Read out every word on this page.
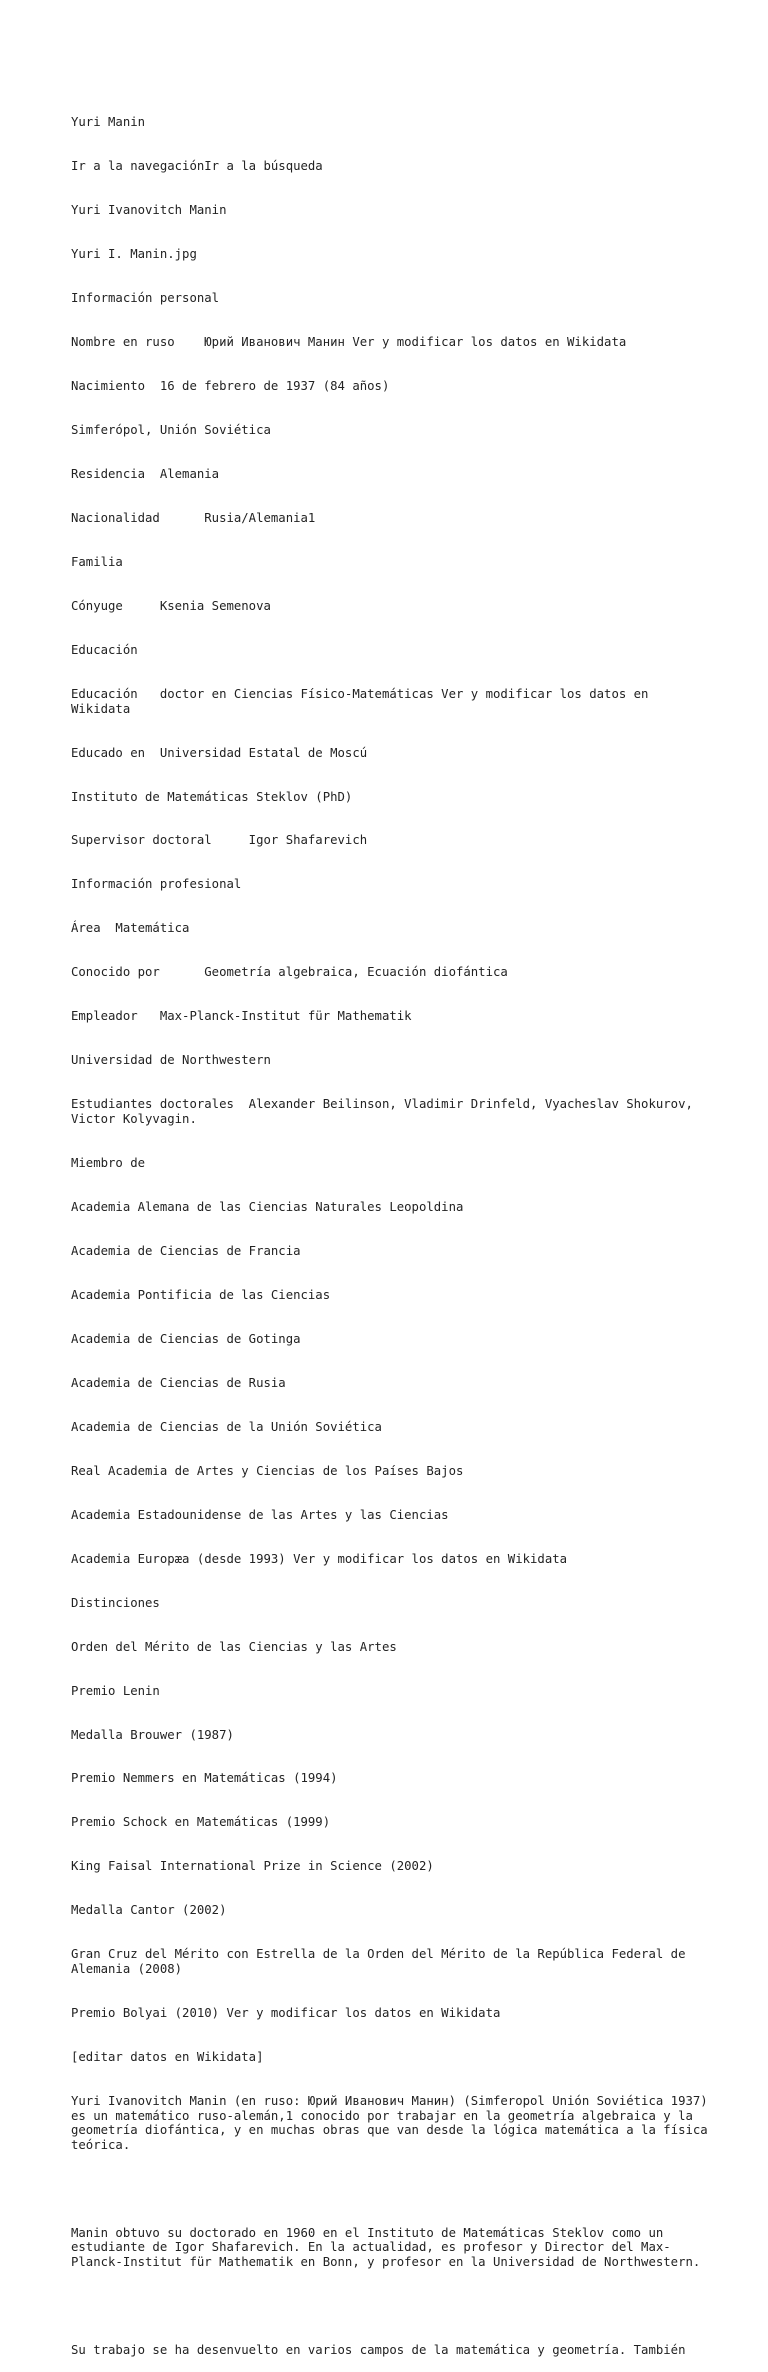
Yuri Manin

Ir a la navegaciónIr a la búsqueda

Yuri Ivanovitch Manin

Yuri I. Manin.jpg

Información personal

Nombre en ruso    Юрий Иванович Манин Ver y modificar los datos en Wikidata

Nacimiento  16 de febrero de 1937 (84 años)

Simferópol, Unión Soviética

Residencia  Alemania

Nacionalidad      Rusia/Alemania1

Familia

Cónyuge     Ksenia Semenova

Educación

Educación   doctor en Ciencias Físico-Matemáticas Ver y modificar los datos en Wikidata

Educado en  Universidad Estatal de Moscú

Instituto de Matemáticas Steklov (PhD)

Supervisor doctoral     Igor Shafarevich

Información profesional

Área  Matemática

Conocido por      Geometría algebraica, Ecuación diofántica

Empleador   Max-Planck-Institut für Mathematik

Universidad de Northwestern

Estudiantes doctorales  Alexander Beilinson, Vladimir Drinfeld, Vyacheslav Shokurov, Victor Kolyvagin.

Miembro de

Academia Alemana de las Ciencias Naturales Leopoldina

Academia de Ciencias de Francia

Academia Pontificia de las Ciencias

Academia de Ciencias de Gotinga

Academia de Ciencias de Rusia

Academia de Ciencias de la Unión Soviética

Real Academia de Artes y Ciencias de los Países Bajos

Academia Estadounidense de las Artes y las Ciencias

Academia Europæa (desde 1993) Ver y modificar los datos en Wikidata

Distinciones

Orden del Mérito de las Ciencias y las Artes

Premio Lenin

Medalla Brouwer (1987)

Premio Nemmers en Matemáticas (1994)

Premio Schock en Matemáticas (1999)

King Faisal International Prize in Science (2002)

Medalla Cantor (2002)

Gran Cruz del Mérito con Estrella de la Orden del Mérito de la República Federal de Alemania (2008)

Premio Bolyai (2010) Ver y modificar los datos en Wikidata

[editar datos en Wikidata]

Yuri Ivanovitch Manin (en ruso: Юрий Иванович Манин) (Simferopol Unión Soviética 1937) es un matemático ruso-alemán,1 conocido por trabajar en la geometría algebraica y la geometría diofántica, y en muchas obras que van desde la lógica matemática a la física teórica.

Manin obtuvo su doctorado en 1960 en el Instituto de Matemáticas Steklov como un estudiante de Igor Shafarevich. En la actualidad, es profesor y Director del Max-Planck-Institut für Mathematik en Bonn, y profesor en la Universidad de Northwestern.

Su trabajo se ha desenvuelto en varios campos de la matemática y geometría. También
